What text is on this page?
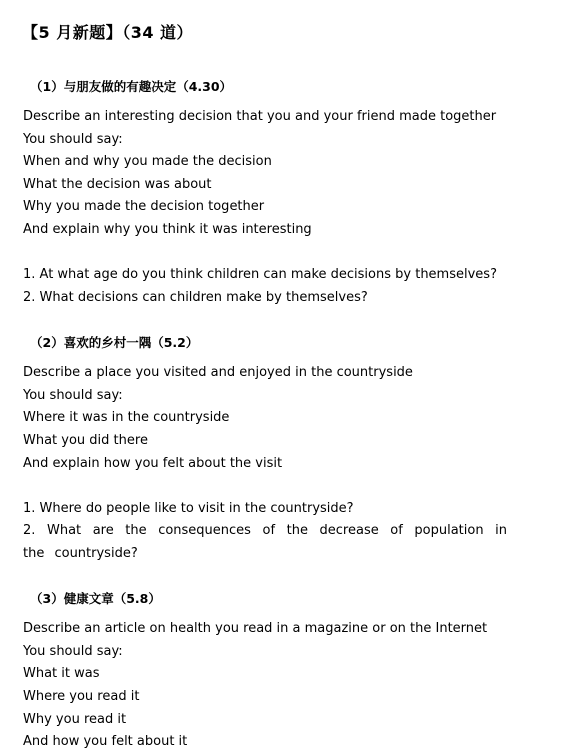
【5 月新题】（34 道）
（1）与朋友做的有趣决定（4.30）
Describe an interesting decision that you and your friend made together
You should say:
When and why you made the decision
What the decision was about
Why you made the decision together
And explain why you think it was interesting
1. At what age do you think children can make decisions by themselves?
2. What decisions can children make by themselves?
（2）喜欢的乡村一隅（5.2）
Describe a place you visited and enjoyed in the countryside
You should say:
Where it was in the countryside
What you did there
And explain how you felt about the visit
1. Where do people like to visit in the countryside?
2. What are the consequences of the decrease of population in the countryside?
（3）健康文章（5.8）
Describe an article on health you read in a magazine or on the Internet
You should say:
What it was
Where you read it
Why you read it
And how you felt about it
